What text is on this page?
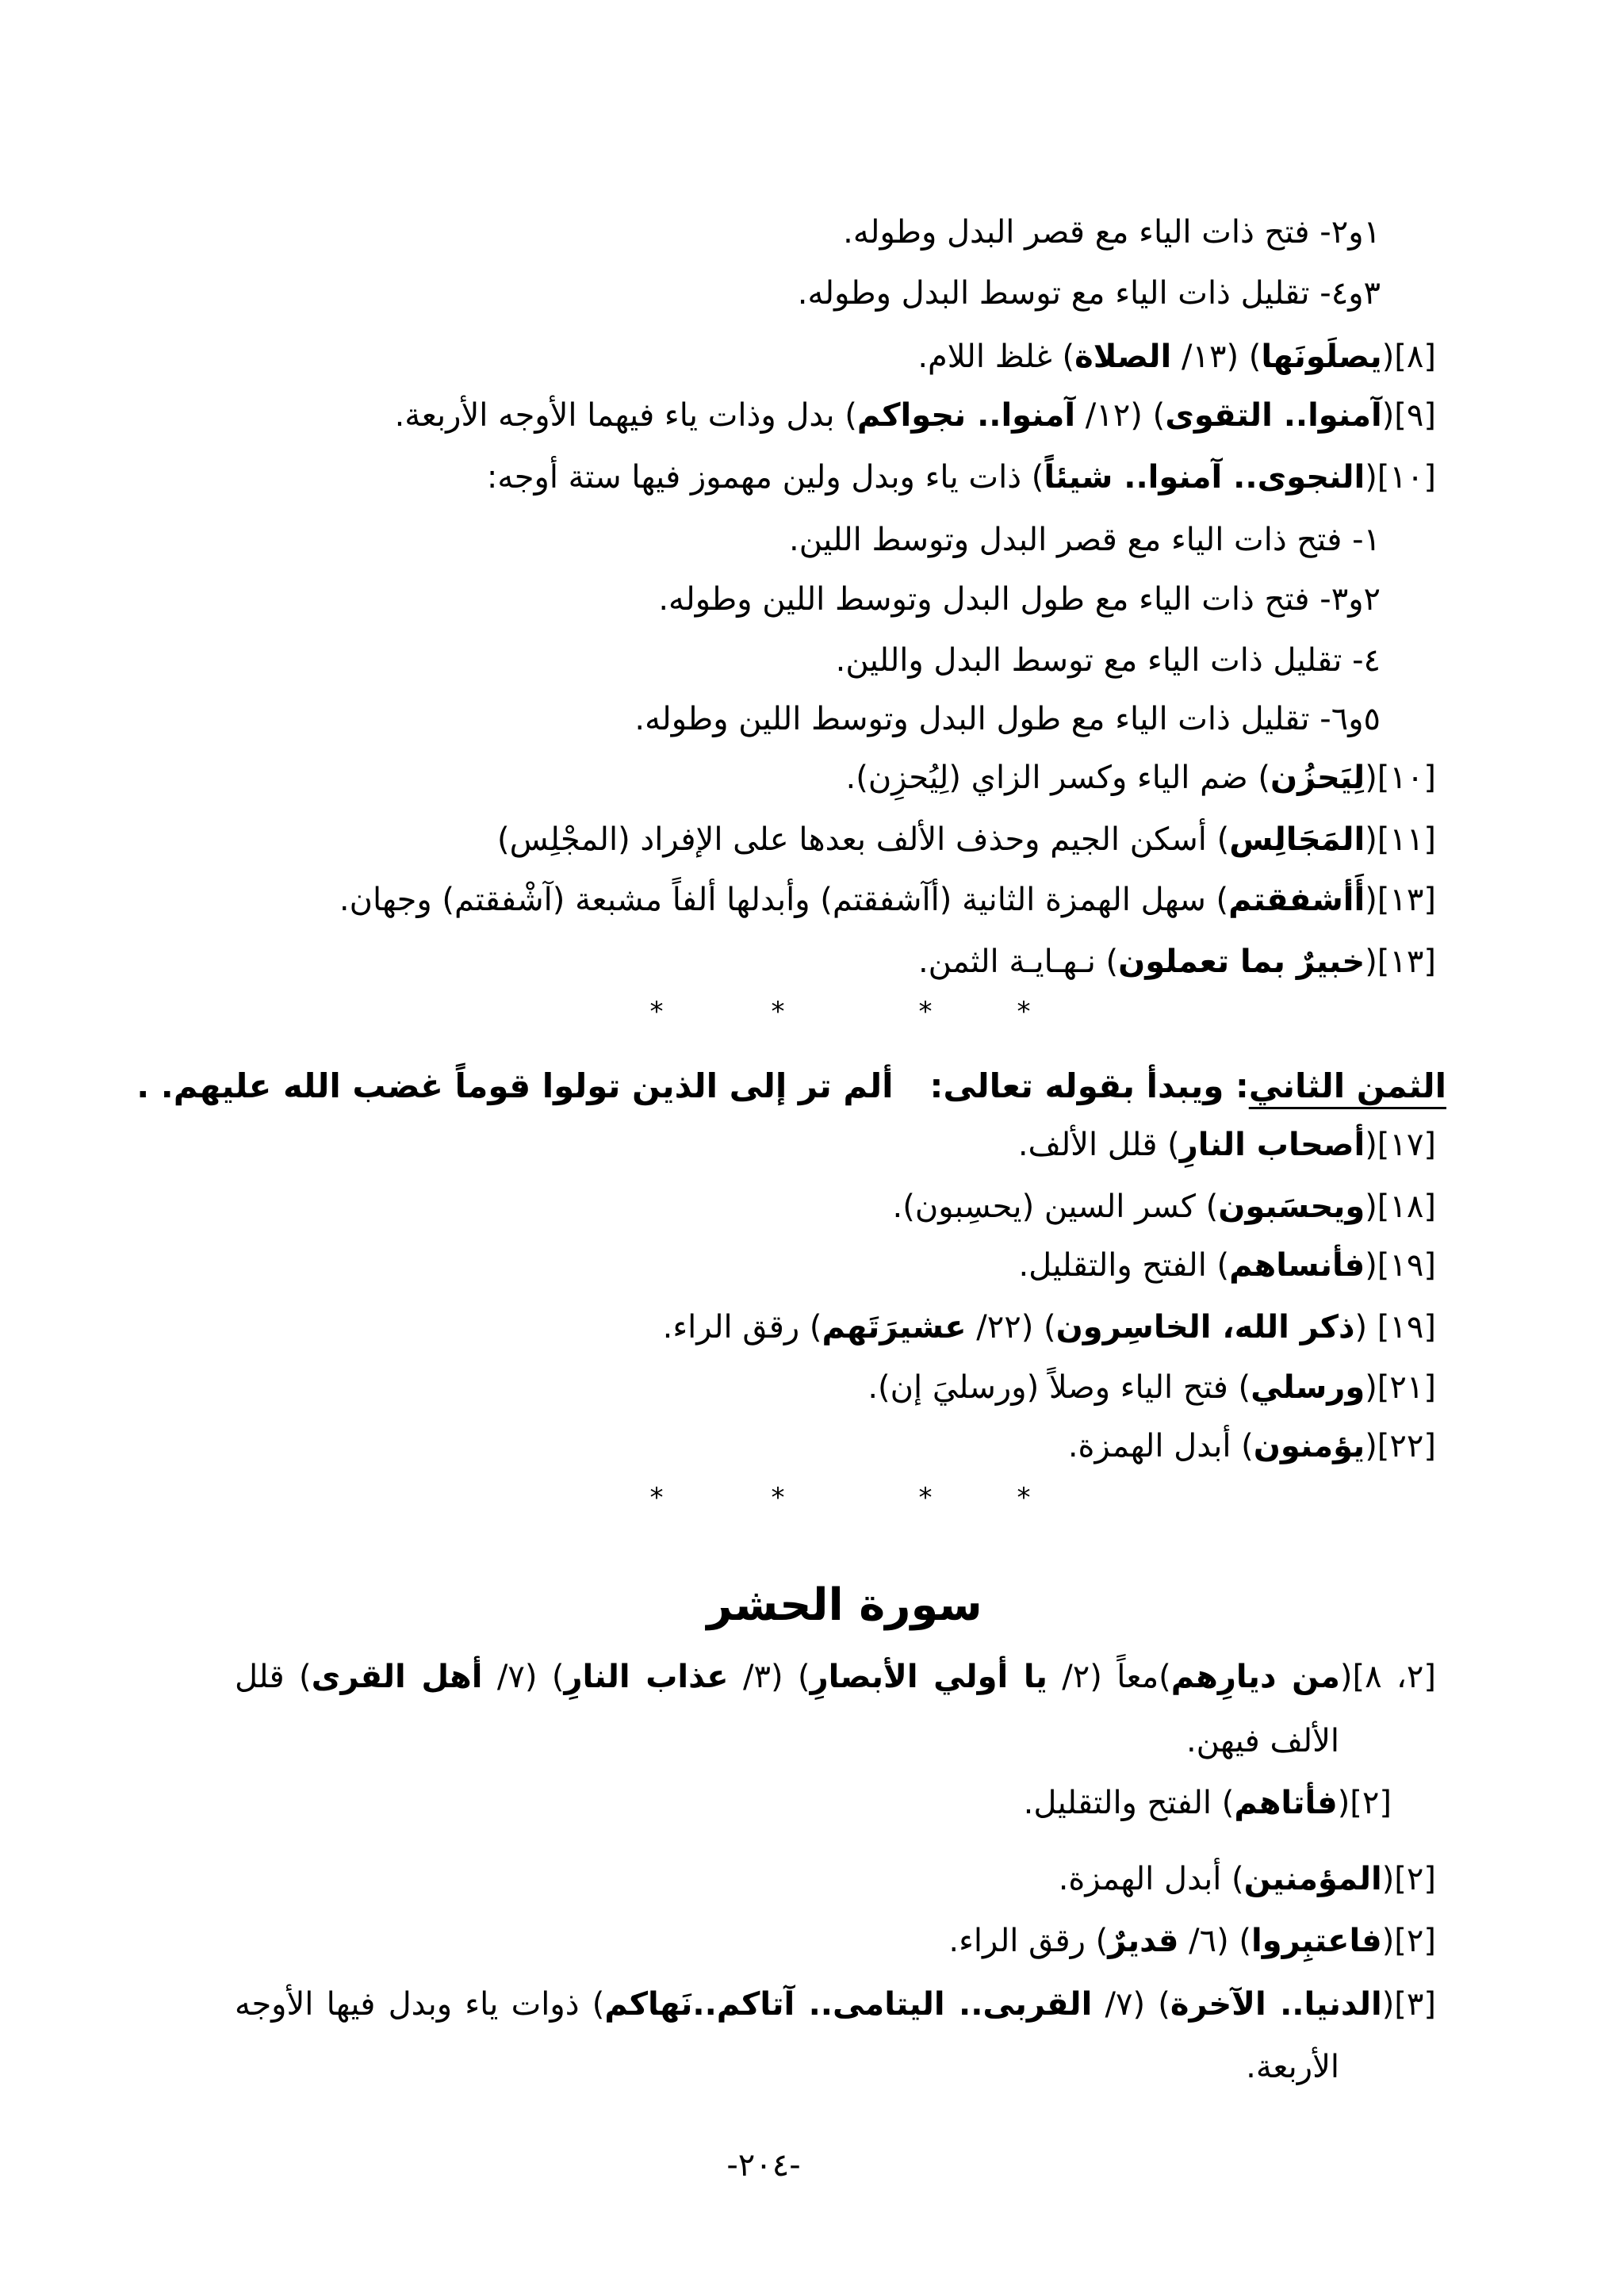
١و٢- فتح ذات الياء مع قصر البدل وطوله.
٣و٤- تقليل ذات الياء مع توسط البدل وطوله.
[٨](يصلَونَها) (١٣/ الصلاة) غلظ اللام.
[٩](آمنوا.. التقوى) (١٢/ آمنوا.. نجواكم) بدل وذات ياء فيهما الأوجه الأربعة.
[١٠](النجوى.. آمنوا.. شيئاً) ذات ياء وبدل ولين مهموز فيها ستة أوجه:
١- فتح ذات الياء مع قصر البدل وتوسط اللين.
٢و٣- فتح ذات الياء مع طول البدل وتوسط اللين وطوله.
٤- تقليل ذات الياء مع توسط البدل واللين.
٥و٦- تقليل ذات الياء مع طول البدل وتوسط اللين وطوله.
[١٠](لِيَحزُن) ضم الياء وكسر الزاي (لِيُحزِن).
[١١](المَجَالِس) أسكن الجيم وحذف الألف بعدها على الإفراد (المجْلِس)
[١٣](أَأشفقتم) سهل الهمزة الثانية (أآشفقتم) وأبدلها ألفاً مشبعة (آشْفقتم) وجهان.
[١٣](خبيرٌ بما تعملون) نـهـايـة الثمن.
*	*	*	*
الثمن الثاني: ويبدأ بقوله تعالى:ألم تر إلى الذين تولوا قوماً غضب الله عليهم. .
[١٧](أصحاب النارِ) قلل الألف.
[١٨](ويحسَبون) كسر السين (يحسِبون).
[١٩](فأنساهم) الفتح والتقليل.
[١٩] (ذكر الله، الخاسِرون) (٢٢/ عشيرَتَهم) رقق الراء.
[٢١](ورسلي) فتح الياء وصلاً (ورسليَ إن).
[٢٢](يؤمنون) أبدل الهمزة.
*	*	*	*
سورة الحشر
[٢، ٨](من ديارِهم)معاً (٢/ يا أولي الأبصارِ) (٣/ عذاب النارِ) (٧/ أهل القرى) قلل
الألف فيهن.
[٢](فأتاهم) الفتح والتقليل.
[٢](المؤمنين) أبدل الهمزة.
[٢](فاعتبِروا) (٦/ قديرٌ) رقق الراء.
[٣](الدنيا.. الآخرة) (٧/ القربى.. اليتامى.. آتاكم..نَهاكم) ذوات ياء وبدل فيها الأوجه
الأربعة.
-٢٠٤-
